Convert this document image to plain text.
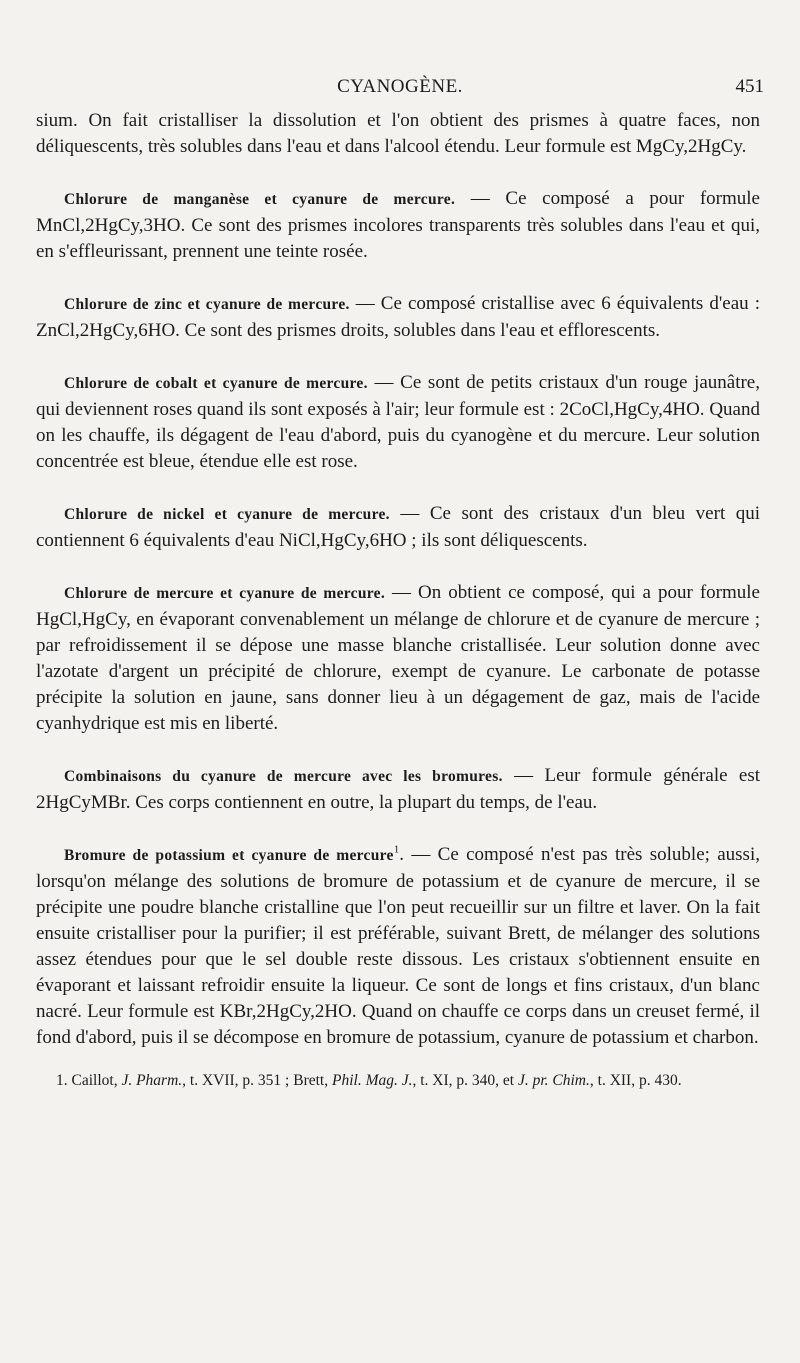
CYANOGÈNE.	451

sium. On fait cristalliser la dissolution et l'on obtient des prismes à quatre faces, non déliquescents, très solubles dans l'eau et dans l'alcool étendu. Leur formule est MgCy,2HgCy.

Chlorure de manganèse et cyanure de mercure. — Ce composé a pour formule MnCl,2HgCy,3HO. Ce sont des prismes incolores transparents très solubles dans l'eau et qui, en s'effleurissant, prennent une teinte rosée.

Chlorure de zinc et cyanure de mercure. — Ce composé cristallise avec 6 équivalents d'eau : ZnCl,2HgCy,6HO. Ce sont des prismes droits, solubles dans l'eau et efflorescents.

Chlorure de cobalt et cyanure de mercure. — Ce sont de petits cristaux d'un rouge jaunâtre, qui deviennent roses quand ils sont exposés à l'air; leur formule est : 2CoCl,HgCy,4HO. Quand on les chauffe, ils dégagent de l'eau d'abord, puis du cyanogène et du mercure. Leur solution concentrée est bleue, étendue elle est rose.

Chlorure de nickel et cyanure de mercure. — Ce sont des cristaux d'un bleu vert qui contiennent 6 équivalents d'eau NiCl,HgCy,6HO ; ils sont déliquescents.

Chlorure de mercure et cyanure de mercure. — On obtient ce composé, qui a pour formule HgCl,HgCy, en évaporant convenablement un mélange de chlorure et de cyanure de mercure ; par refroidissement il se dépose une masse blanche cristallisée. Leur solution donne avec l'azotate d'argent un précipité de chlorure, exempt de cyanure. Le carbonate de potasse précipite la solution en jaune, sans donner lieu à un dégagement de gaz, mais de l'acide cyanhydrique est mis en liberté.

Combinaisons du cyanure de mercure avec les bromures. — Leur formule générale est 2HgCyMBr. Ces corps contiennent en outre, la plupart du temps, de l'eau.

Bromure de potassium et cyanure de mercure$^1$. — Ce composé n'est pas très soluble; aussi, lorsqu'on mélange des solutions de bromure de potassium et de cyanure de mercure, il se précipite une poudre blanche cristalline que l'on peut recueillir sur un filtre et laver. On la fait ensuite cristalliser pour la purifier; il est préférable, suivant Brett, de mélanger des solutions assez étendues pour que le sel double reste dissous. Les cristaux s'obtiennent ensuite en évaporant et laissant refroidir ensuite la liqueur. Ce sont de longs et fins cristaux, d'un blanc nacré. Leur formule est KBr,2HgCy,2HO. Quand on chauffe ce corps dans un creuset fermé, il fond d'abord, puis il se décompose en bromure de potassium, cyanure de potassium et charbon.

1. Caillot, J. Pharm., t. XVII, p. 351 ; Brett, Phil. Mag. J., t. XI, p. 340, et J. pr. Chim., t. XII, p. 430.
